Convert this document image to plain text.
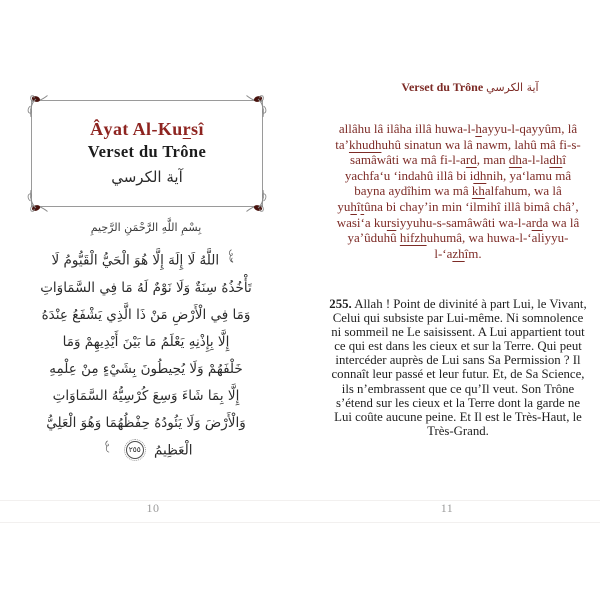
Âyat Al-Kursî
Verset du Trône
آية الكرسي
بِسْمِ اللَّهِ الرَّحْمَنِ الرَّحِيمِ
اللَّهُ لَا إِلَهَ إِلَّا هُوَ الْحَيُّ الْقَيُّومُ لَا
تَأْخُذُهُ سِنَةٌ وَلَا نَوْمٌ لَهُ مَا فِي السَّمَاوَاتِ
وَمَا فِي الْأَرْضِ مَنْ ذَا الَّذِي يَشْفَعُ عِنْدَهُ
إِلَّا بِإِذْنِهِ يَعْلَمُ مَا بَيْنَ أَيْدِيهِمْ وَمَا
خَلْفَهُمْ وَلَا يُحِيطُونَ بِشَيْءٍ مِنْ عِلْمِهِ
إِلَّا بِمَا شَاءَ وَسِعَ كُرْسِيُّهُ السَّمَاوَاتِ
وَالْأَرْضَ وَلَا يَئُودُهُ حِفْظُهُمَا وَهُوَ الْعَلِيُّ
الْعَظِيمُ ٢٥٥
10
Verset du Trône آية الكرسي
allâhu lâ ilâha illâ huwa-l-hayyu-l-qayyûm, lâ ta’khudhuhû sinatun wa lâ nawm, lahû mâ fi-s-samâwâti wa mâ fi-l-ard, man dha-l-ladhî yachfa‘u ‘indahû illâ bi idhnih, ya‘lamu mâ bayna aydîhim wa mâ khalfahum, wa lâ yuhîtûna bi chay’in min ‘ilmihî illâ bimâ châ’, wasi‘a kursiyyuhu-s-samâwâti wa-l-arda wa lâ ya’ûduhû hifzhuhumâ, wa huwa-l-‘aliyyu-l-‘azhîm.
255. Allah ! Point de divinité à part Lui, le Vivant, Celui qui subsiste par Lui-même. Ni somnolence ni sommeil ne Le saisissent. A Lui appartient tout ce qui est dans les cieux et sur la Terre. Qui peut intercéder auprès de Lui sans Sa Permission ? Il connaît leur passé et leur futur. Et, de Sa Science, ils n’embrassent que ce qu’Il veut. Son Trône s’étend sur les cieux et la Terre dont la garde ne Lui coûte aucune peine. Et Il est le Très-Haut, le Très-Grand.
11
